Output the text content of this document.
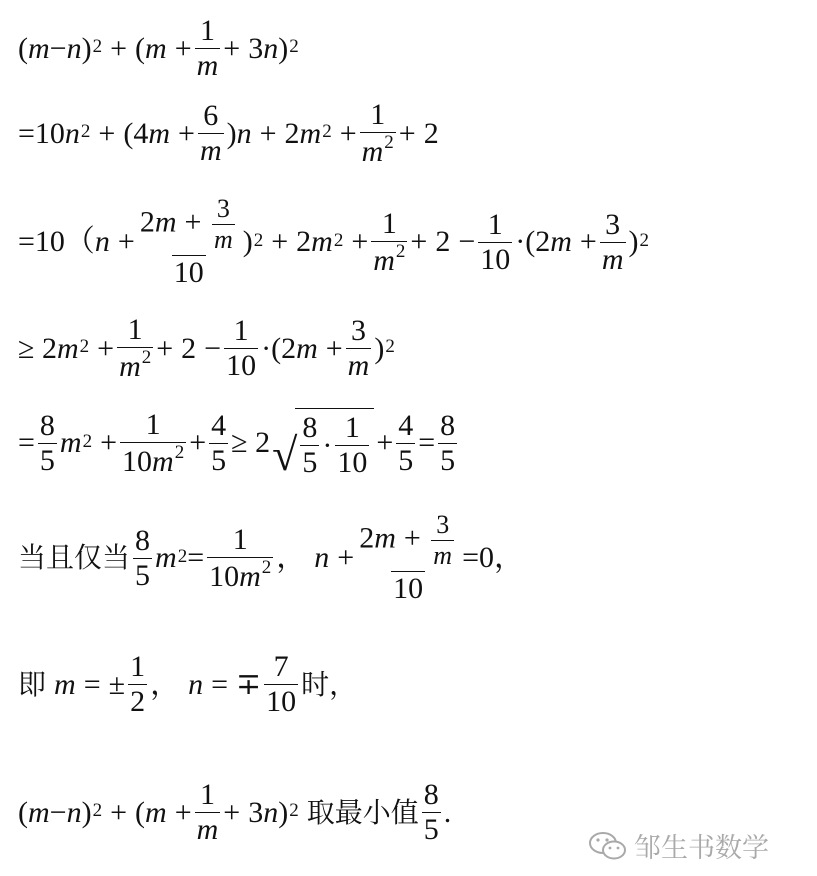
( m − n ) 2 + ( $m + \frac{1}{m} + 3$ n ) 2
=10 n 2 + (4 $m + \frac{6}{m}$ ) n + 2 m $2 + \frac{1}{m^2} + 2$
=10 （ $n + \frac{2m + \frac{3}{m}}{10}$ ) 2 + 2 m $2 + \frac{1}{m^2} + 2 - \frac{1}{10}$ · ( 2 $m + \frac{3}{m}$ ) 2
≥ 2 m $2 + \frac{1}{m^2} + 2 - \frac{1}{10}$ · ( 2 $m + \frac{3}{m}$ ) 2
= $\frac{8}{5}$ m $2 + \frac{1}{10m^2} + \frac{4}{5} \ge 2$ √ $\frac{8}{5} \cdot \frac{1}{10} + \frac{4}{5} = \frac{8}{5}$
当且仅当 $\frac{8}{5}$ m $2 = \frac{1}{10m^2}$ ， $n + \frac{2m + \frac{3}{m}}{10} =0$，
即 m = ± $\frac{1}{2}$ ， n = ∓ $\frac{7}{10}$ 时，
( m − n ) 2 + ( $m + \frac{1}{m} + 3$ n ) 2 取最小值 $\frac{8}{5}$ .
邹生书数学
